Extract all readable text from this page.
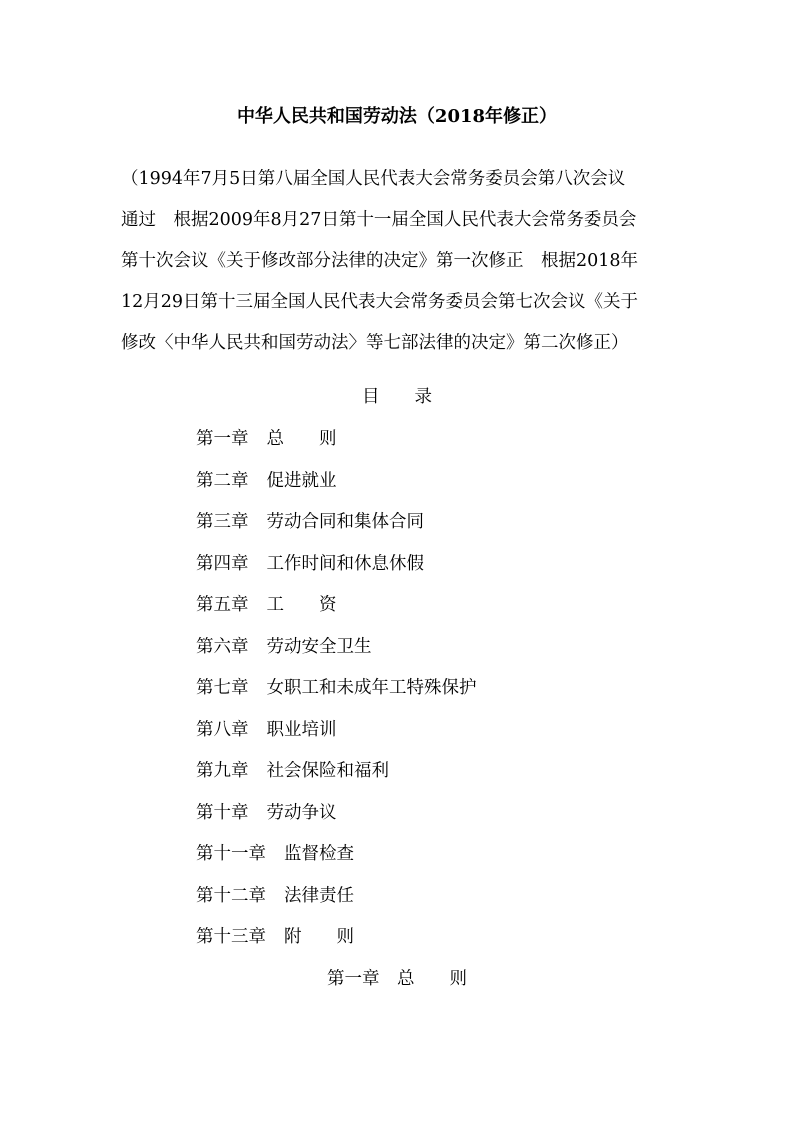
中华人民共和国劳动法（2018年修正）
（1994年7月5日第八届全国人民代表大会常务委员会第八次会议
通过　根据2009年8月27日第十一届全国人民代表大会常务委员会
第十次会议《关于修改部分法律的决定》第一次修正　根据2018年
12月29日第十三届全国人民代表大会常务委员会第七次会议《关于
修改〈中华人民共和国劳动法〉等七部法律的决定》第二次修正）
目　　录
第一章 总　　则
第二章 促进就业
第三章 劳动合同和集体合同
第四章 工作时间和休息休假
第五章 工　　资
第六章 劳动安全卫生
第七章 女职工和未成年工特殊保护
第八章 职业培训
第九章 社会保险和福利
第十章 劳动争议
第十一章 监督检查
第十二章 法律责任
第十三章 附　　则
第一章　总　　则
